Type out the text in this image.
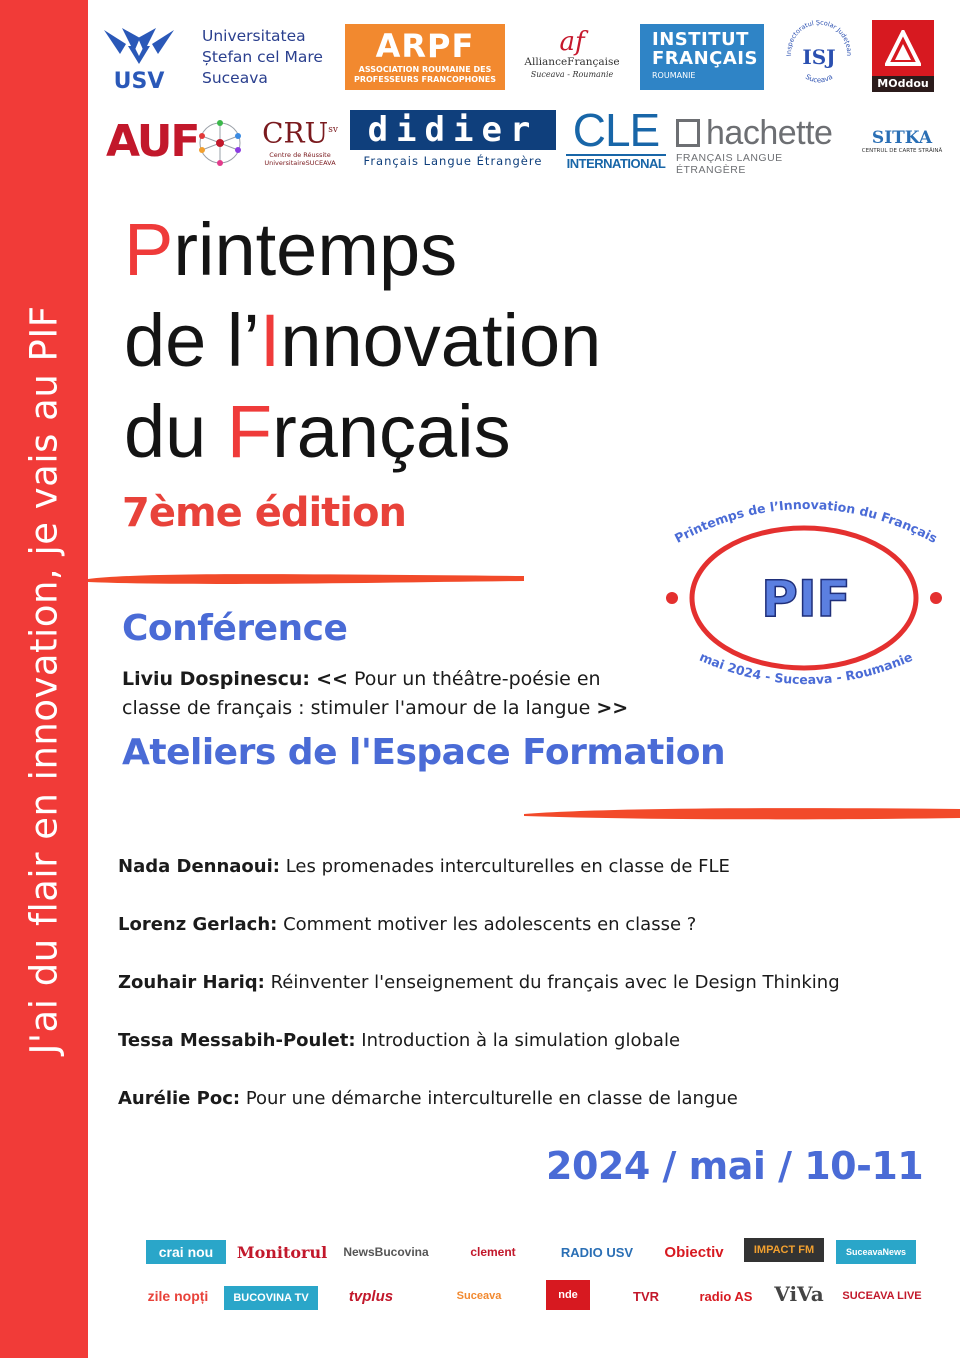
J'ai du flair en innovation, je vais au PIF
USV
Universitatea
Ștefan cel Mare
Suceava
ARPF
ASSOCIATION ROUMAINE DES
PROFESSEURS FRANCOPHONES
af
AllianceFrançaise
Suceava - Roumanie
INSTITUT
FRANÇAIS
ROUMANIE
Inspectoratul Școlar Județean
Suceava
ISJ
MOddou
AUF $CRU^{sv}$
Centre de Réussite
UniversitaireSUCEAVA
didier
Français Langue Étrangère
CLE
INTERNATIONAL
hachette
FRANÇAIS LANGUE ÉTRANGÈRE
SITKA
CENTRUL DE CARTE STRĂINĂ
Printemps
de l’Innovation
du Français
7ème édition
Conférence
Liviu Dospinescu: << Pour un théâtre-poésie en
classe de français : stimuler l'amour de la langue >>
Ateliers de l'Espace Formation
Nada Dennaoui: Les promenades interculturelles en classe de FLE
Lorenz Gerlach: Comment motiver les adolescents en classe ?
Zouhair Hariq: Réinventer l'enseignement du français avec le Design Thinking
Tessa Messabih-Poulet: Introduction à la simulation globale
Aurélie Poc: Pour une démarche interculturelle en classe de langue
Printemps de l’Innovation du Français
PIF
mai 2024 - Suceava - Roumanie
2024 / mai / 10-11
crai nou	Monitorul	NewsBucovina	clement	RADIO USV	Obiectiv	IMPACT FM	SuceavaNews
zile nopți	BUCOVINA TV	tvplus	Suceava	nde	TVR	radio AS	ViVa	SUCEAVA LIVE
